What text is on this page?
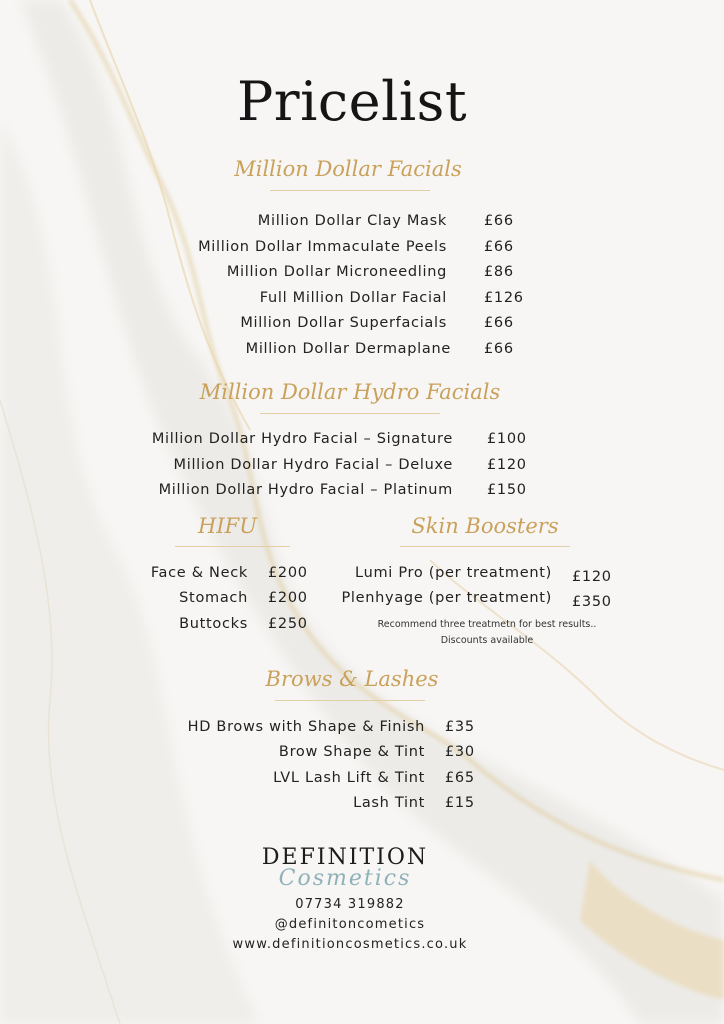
Pricelist
Million Dollar Facials
Million Dollar Clay Mask	£66
Million Dollar Immaculate Peels	£66
Million Dollar Microneedling	£86
Full Million Dollar Facial	£126
Million Dollar Superfacials	£66
Million Dollar Dermaplane £66
Million Dollar Hydro Facials
Million Dollar Hydro Facial – Signature £100
Million Dollar Hydro Facial – Deluxe £120
Million Dollar Hydro Facial – Platinum £150
HIFU
Face & Neck £200
Stomach £200
Buttocks £250
Skin Boosters
Lumi Pro (per treatment) £120
Plenhyage (per treatment) £350
Recommend three treatmetn for best results..
Discounts available
Brows & Lashes
HD Brows with Shape & Finish £35
Brow Shape & Tint £30
LVL Lash Lift & Tint £65
Lash Tint £15
DEFINITION
Cosmetics
07734 319882
@definitoncometics
www.definitioncosmetics.co.uk
